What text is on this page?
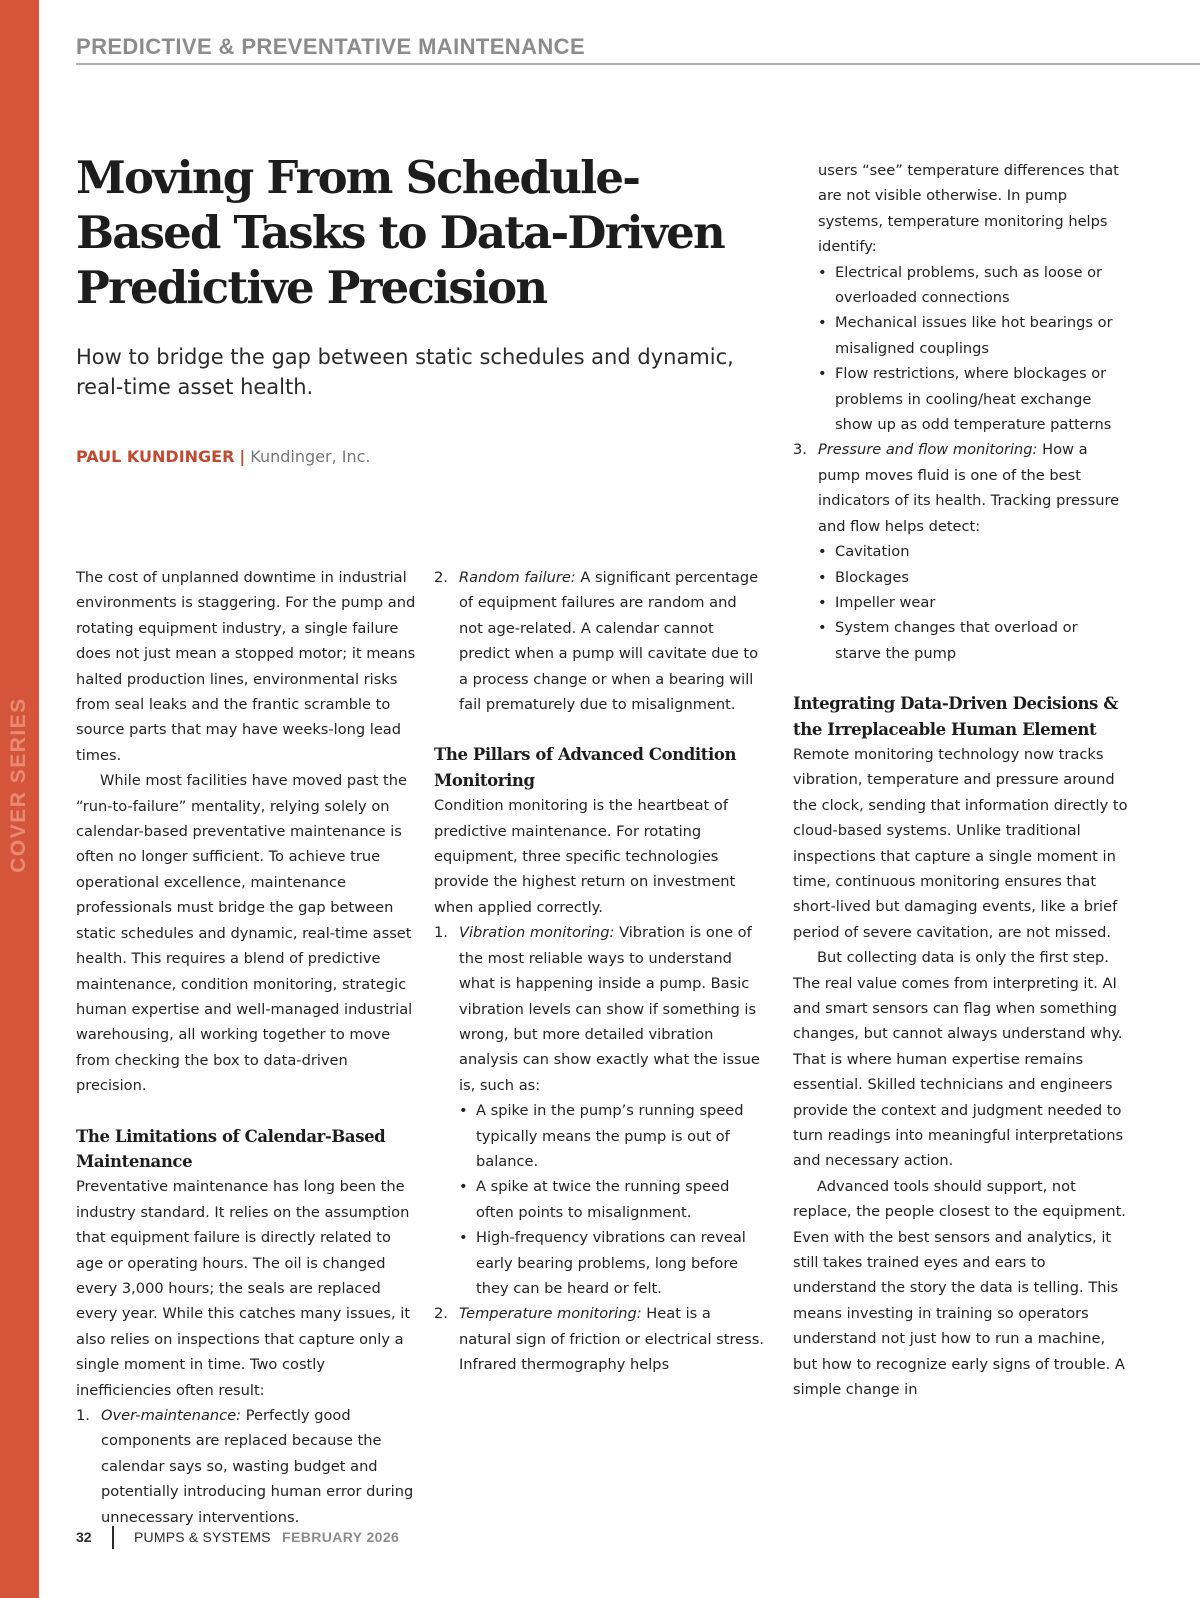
COVER SERIES
PREDICTIVE & PREVENTATIVE MAINTENANCE
Moving From Schedule-Based Tasks to Data-Driven Predictive Precision

How to bridge the gap between static schedules and dynamic, real-time asset health.

PAUL KUNDINGER | Kundinger, Inc.

The cost of unplanned downtime in industrial environments is staggering. For the pump and rotating equipment industry, a single failure does not just mean a stopped motor; it means halted production lines, environmental risks from seal leaks and the frantic scramble to source parts that may have weeks-long lead times.

While most facilities have moved past the “run-to-failure” mentality, relying solely on calendar-based preventative maintenance is often no longer sufficient. To achieve true operational excellence, maintenance professionals must bridge the gap between static schedules and dynamic, real-time asset health. This requires a blend of predictive maintenance, condition monitoring, strategic human expertise and well-managed industrial warehousing, all working together to move from checking the box to data-driven precision.

The Limitations of Calendar-Based Maintenance

Preventative maintenance has long been the industry standard. It relies on the assumption that equipment failure is directly related to age or operating hours. The oil is changed every 3,000 hours; the seals are replaced every year. While this catches many issues, it also relies on inspections that capture only a single moment in time. Two costly inefficiencies often result:

1. Over-maintenance: Perfectly good components are replaced because the calendar says so, wasting budget and potentially introducing human error during unnecessary interventions.
2. Random failure: A significant percentage of equipment failures are random and not age-related. A calendar cannot predict when a pump will cavitate due to a process change or when a bearing will fail prematurely due to misalignment.
The Pillars of Advanced Condition Monitoring

Condition monitoring is the heartbeat of predictive maintenance. For rotating equipment, three specific technologies provide the highest return on investment when applied correctly.

1. Vibration monitoring: Vibration is one of the most reliable ways to understand what is happening inside a pump. Basic vibration levels can show if something is wrong, but more detailed vibration analysis can show exactly what the issue is, such as:
• A spike in the pump’s running speed typically means the pump is out of balance.
• A spike at twice the running speed often points to misalignment.
• High-frequency vibrations can reveal early bearing problems, long before they can be heard or felt.
2. Temperature monitoring: Heat is a natural sign of friction or electrical stress. Infrared thermography helps
users “see” temperature differences that are not visible otherwise. In pump systems, temperature monitoring helps identify:
• Electrical problems, such as loose or overloaded connections
• Mechanical issues like hot bearings or misaligned couplings
• Flow restrictions, where blockages or problems in cooling/heat exchange show up as odd temperature patterns
3. Pressure and flow monitoring: How a pump moves fluid is one of the best indicators of its health. Tracking pressure and flow helps detect:
• Cavitation
• Blockages
• Impeller wear
• System changes that overload or starve the pump
Integrating Data-Driven Decisions & the Irreplaceable Human Element

Remote monitoring technology now tracks vibration, temperature and pressure around the clock, sending that information directly to cloud-based systems. Unlike traditional inspections that capture a single moment in time, continuous monitoring ensures that short-lived but damaging events, like a brief period of severe cavitation, are not missed.

But collecting data is only the first step. The real value comes from interpreting it. AI and smart sensors can flag when something changes, but cannot always understand why. That is where human expertise remains essential. Skilled technicians and engineers provide the context and judgment needed to turn readings into meaningful interpretations and necessary action.

Advanced tools should support, not replace, the people closest to the equipment. Even with the best sensors and analytics, it still takes trained eyes and ears to understand the story the data is telling. This means investing in training so operators understand not just how to run a machine, but how to recognize early signs of trouble. A simple change in

32	PUMPS & SYSTEMS FEBRUARY 2026
